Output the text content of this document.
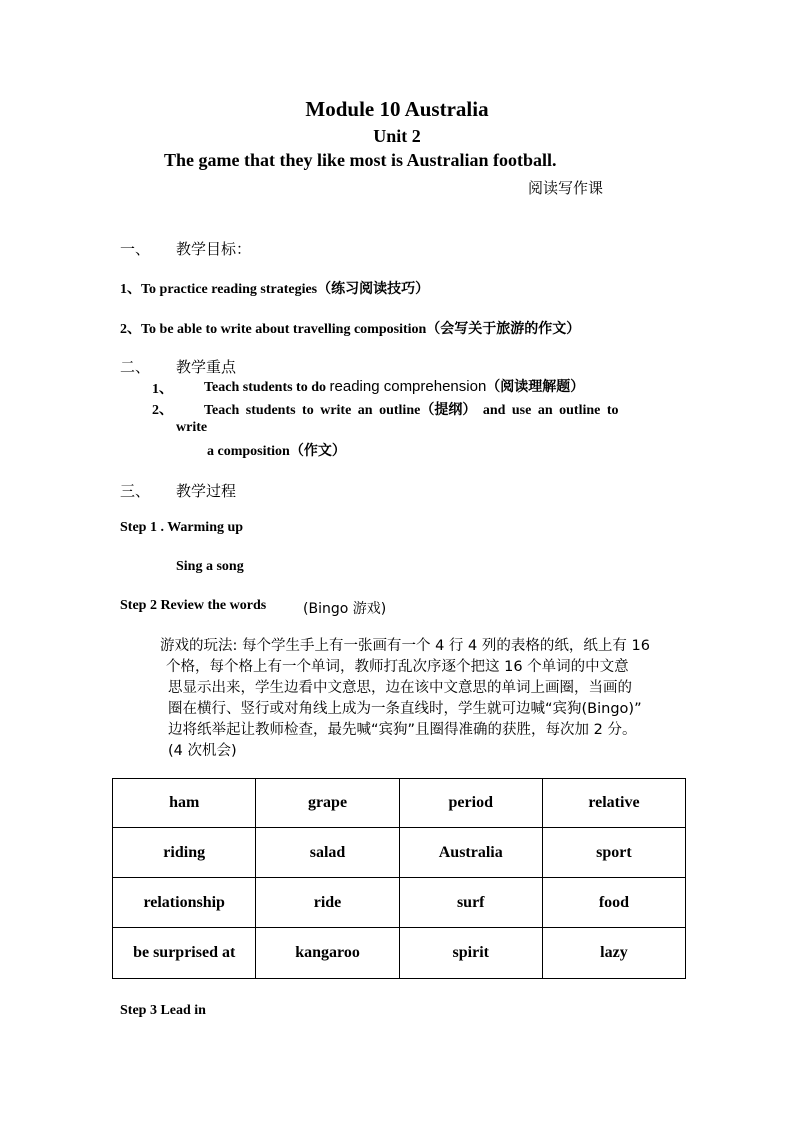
Module 10 Australia
Unit 2
The game that they like most is Australian football.
阅读写作课
一、 教学目标：
1、To practice reading strategies（练习阅读技巧）
2、To be able to write about travelling composition（会写关于旅游的作文）
二、 教学重点
1、 Teach students to do reading comprehension（阅读理解题）
2、 Teach students to write an outline（提纲） and use an outline to
write
a composition（作文）
三、 教学过程
Step 1 . Warming up
Sing a song
Step 2 Review the words	(Bingo 游戏)
游戏的玩法: 每个学生手上有一张画有一个 4 行 4 列的表格的纸，纸上有 16
个格，每个格上有一个单词，教师打乱次序逐个把这 16 个单词的中文意
思显示出来，学生边看中文意思，边在该中文意思的单词上画圈，当画的
圈在横行、竖行或对角线上成为一条直线时，学生就可边喊“宾狗(Bingo)”
边将纸举起让教师检查，最先喊“宾狗”且圈得准确的获胜，每次加 2 分。
(4 次机会)
ham	grape	period	relative
riding	salad	Australia	sport
relationship	ride	surf	food
be surprised at	kangaroo	spirit	lazy
Step 3 Lead in
